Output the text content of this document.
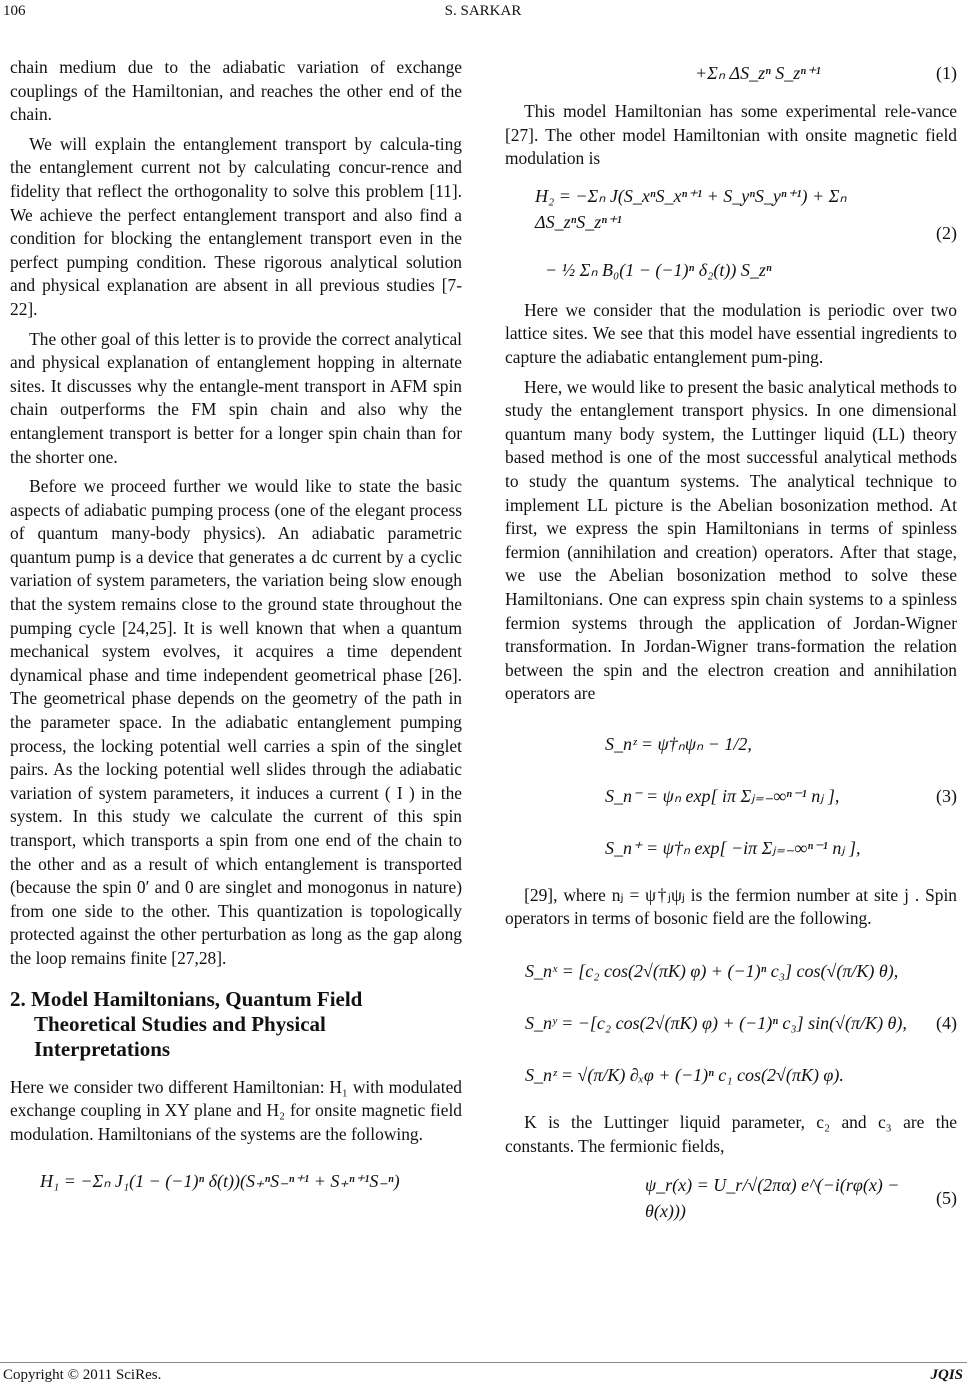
106	S. SARKAR

chain medium due to the adiabatic variation of exchange couplings of the Hamiltonian, and reaches the other end of the chain.

We will explain the entanglement transport by calcula-ting the entanglement current not by calculating concur-rence and fidelity that reflect the orthogonality to solve this problem [11]. We achieve the perfect entanglement transport and also find a condition for blocking the entanglement transport even in the perfect pumping condition. These rigorous analytical solution and physical explanation are absent in all previous studies [7-22].

The other goal of this letter is to provide the correct analytical and physical explanation of entanglement hopping in alternate sites. It discusses why the entangle-ment transport in AFM spin chain outperforms the FM spin chain and also why the entanglement transport is better for a longer spin chain than for the shorter one.

Before we proceed further we would like to state the basic aspects of adiabatic pumping process (one of the elegant process of quantum many-body physics). An adiabatic parametric quantum pump is a device that generates a dc current by a cyclic variation of system parameters, the variation being slow enough that the system remains close to the ground state throughout the pumping cycle [24,25]. It is well known that when a quantum mechanical system evolves, it acquires a time dependent dynamical phase and time independent geometrical phase [26]. The geometrical phase depends on the geometry of the path in the parameter space. In the adiabatic entanglement pumping process, the locking potential well carries a spin of the singlet pairs. As the locking potential well slides through the adiabatic variation of system parameters, it induces a current ( I ) in the system. In this study we calculate the current of this spin transport, which transports a spin from one end of the chain to the other and as a result of which entanglement is transported (because the spin 0′ and 0 are singlet and monogonus in nature) from one side to the other. This quantization is topologically protected against the other perturbation as long as the gap along the loop remains finite [27,28].

2. Model Hamiltonians, Quantum Field Theoretical Studies and Physical Interpretations

Here we consider two different Hamiltonian: H₁ with modulated exchange coupling in XY plane and H₂ for onsite magnetic field modulation. Hamiltonians of the systems are the following.

H₁ = −Σₙ J₁(1 − (−1)ⁿ δ(t))(S₊ⁿS₋ⁿ⁺¹ + S₊ⁿ⁺¹S₋ⁿ)
+Σₙ ΔS_zⁿ S_zⁿ⁺¹	(1)

This model Hamiltonian has some experimental rele-vance [27]. The other model Hamiltonian with onsite magnetic field modulation is

H₂ = −Σₙ J(S_xⁿS_xⁿ⁺¹ + S_yⁿS_yⁿ⁺¹) + Σₙ ΔS_zⁿS_zⁿ⁺¹
− ½ Σₙ B₀(1 − (−1)ⁿ δ₂(t)) S_zⁿ
(2)

Here we consider that the modulation is periodic over two lattice sites. We see that this model have essential ingredients to capture the adiabatic entanglement pum-ping.

Here, we would like to present the basic analytical methods to study the entanglement transport physics. In one dimensional quantum many body system, the Luttinger liquid (LL) theory based method is one of the most successful analytical methods to study the quantum systems. The analytical technique to implement LL picture is the Abelian bosonization method. At first, we express the spin Hamiltonians in terms of spinless fermion (annihilation and creation) operators. After that stage, we use the Abelian bosonization method to solve these Hamiltonians. One can express spin chain systems to a spinless fermion systems through the application of Jordan-Wigner transformation. In Jordan-Wigner trans-formation the relation between the spin and the electron creation and annihilation operators are

S_nᶻ = ψ†ₙψₙ − 1/2,
S_n⁻ = ψₙ exp[ iπ Σⱼ₌₋∞ⁿ⁻¹ nⱼ ],
S_n⁺ = ψ†ₙ exp[ −iπ Σⱼ₌₋∞ⁿ⁻¹ nⱼ ],
(3)

[29], where nⱼ = ψ†ⱼψⱼ is the fermion number at site j . Spin operators in terms of bosonic field are the following.

S_nˣ = [c₂ cos(2√(πK) φ) + (−1)ⁿ c₃] cos(√(π/K) θ),
S_nʸ = −[c₂ cos(2√(πK) φ) + (−1)ⁿ c₃] sin(√(π/K) θ),
S_nᶻ = √(π/K) ∂ₓφ + (−1)ⁿ c₁ cos(2√(πK) φ).
(4)

K is the Luttinger liquid parameter, c₂ and c₃ are the constants. The fermionic fields,

ψ_r(x) = U_r/√(2πα) e^(−i(rφ(x) − θ(x)))
(5)
Copyright © 2011 SciRes.	JQIS
